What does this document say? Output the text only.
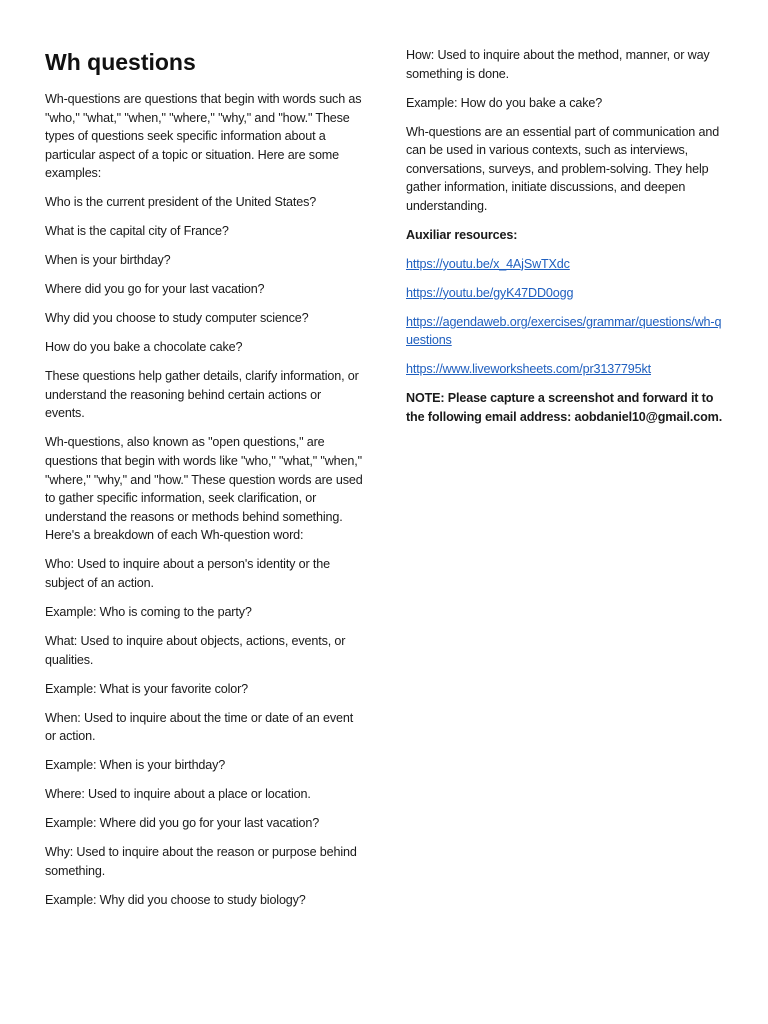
Wh questions

Wh-questions are questions that begin with words such as "who," "what," "when," "where," "why," and "how." These types of questions seek specific information about a particular aspect of a topic or situation. Here are some examples:

Who is the current president of the United States?

What is the capital city of France?

When is your birthday?

Where did you go for your last vacation?

Why did you choose to study computer science?

How do you bake a chocolate cake?

These questions help gather details, clarify information, or understand the reasoning behind certain actions or events.

Wh-questions, also known as "open questions," are questions that begin with words like "who," "what," "when," "where," "why," and "how." These question words are used to gather specific information, seek clarification, or understand the reasons or methods behind something. Here's a breakdown of each Wh-question word:

Who: Used to inquire about a person's identity or the subject of an action.

Example: Who is coming to the party?

What: Used to inquire about objects, actions, events, or qualities.

Example: What is your favorite color?

When: Used to inquire about the time or date of an event or action.

Example: When is your birthday?

Where: Used to inquire about a place or location.

Example: Where did you go for your last vacation?

Why: Used to inquire about the reason or purpose behind something.

Example: Why did you choose to study biology?

How: Used to inquire about the method, manner, or way something is done.

Example: How do you bake a cake?

Wh-questions are an essential part of communication and can be used in various contexts, such as interviews, conversations, surveys, and problem-solving. They help gather information, initiate discussions, and deepen understanding.

Auxiliar resources:

https://youtu.be/x_4AjSwTXdc

https://youtu.be/gyK47DD0ogg

https://agendaweb.org/exercises/grammar/questions/wh-questions

https://www.liveworksheets.com/pr3137795kt

NOTE: Please capture a screenshot and forward it to the following email address: aobdaniel10@gmail.com.
